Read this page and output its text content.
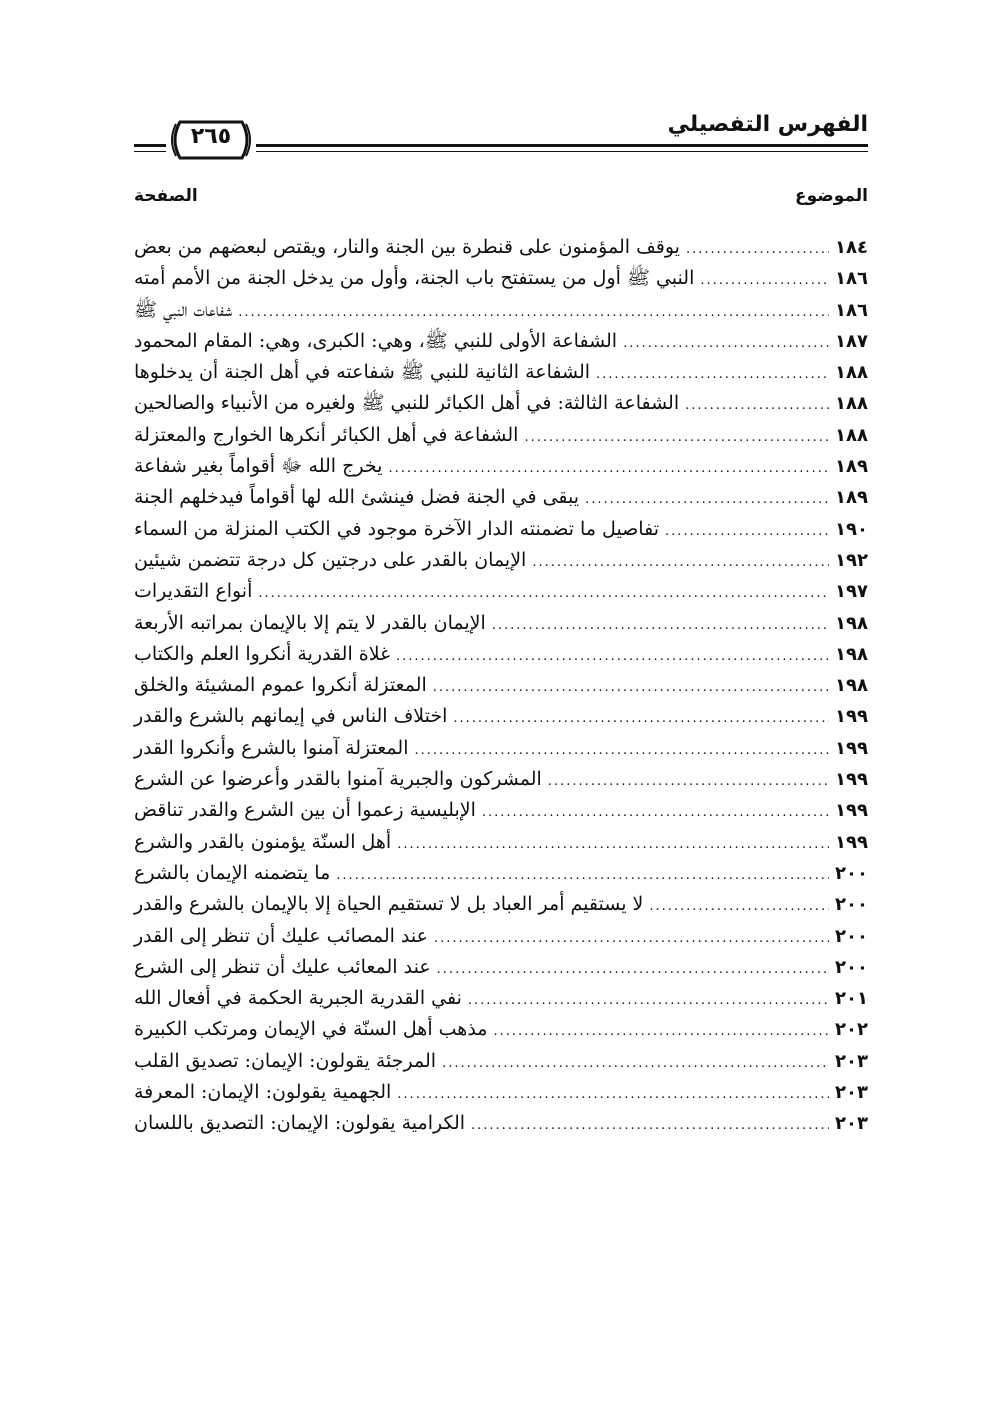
الفهرس التفصيلي
٢٦٥
الموضوع
الصفحة
يوقف المؤمنون على قنطرة بين الجنة والنار، ويقتص لبعضهم من بعض .....	١٨٤
النبي ﷺ أول من يستفتح باب الجنة، وأول من يدخل الجنة من الأمم أمته .....	١٨٦
شفاعات النبي ﷺ .....	١٨٦
الشفاعة الأولى للنبي ﷺ، وهي: الكبرى، وهي: المقام المحمود .....	١٨٧
الشفاعة الثانية للنبي ﷺ شفاعته في أهل الجنة أن يدخلوها .....	١٨٨
الشفاعة الثالثة: في أهل الكبائر للنبي ﷺ ولغيره من الأنبياء والصالحين .....	١٨٨
الشفاعة في أهل الكبائر أنكرها الخوارج والمعتزلة .....	١٨٨
يخرج الله ﷻ أقواماً بغير شفاعة .....	١٨٩
يبقى في الجنة فضل فينشئ الله لها أقواماً فيدخلهم الجنة .....	١٨٩
تفاصيل ما تضمنته الدار الآخرة موجود في الكتب المنزلة من السماء .....	١٩٠
الإيمان بالقدر على درجتين كل درجة تتضمن شيئين .....	١٩٢
أنواع التقديرات .....	١٩٧
الإيمان بالقدر لا يتم إلا بالإيمان بمراتبه الأربعة .....	١٩٨
غلاة القدرية أنكروا العلم والكتاب .....	١٩٨
المعتزلة أنكروا عموم المشيئة والخلق .....	١٩٨
اختلاف الناس في إيمانهم بالشرع والقدر .....	١٩٩
المعتزلة آمنوا بالشرع وأنكروا القدر .....	١٩٩
المشركون والجبرية آمنوا بالقدر وأعرضوا عن الشرع .....	١٩٩
الإبليسية زعموا أن بين الشرع والقدر تناقض .....	١٩٩
أهل السنّة يؤمنون بالقدر والشرع .....	١٩٩
ما يتضمنه الإيمان بالشرع .....	٢٠٠
لا يستقيم أمر العباد بل لا تستقيم الحياة إلا بالإيمان بالشرع والقدر .....	٢٠٠
عند المصائب عليك أن تنظر إلى القدر .....	٢٠٠
عند المعائب عليك أن تنظر إلى الشرع .....	٢٠٠
نفي القدرية الجبرية الحكمة في أفعال الله .....	٢٠١
مذهب أهل السنّة في الإيمان ومرتكب الكبيرة .....	٢٠٢
المرجئة يقولون: الإيمان: تصديق القلب .....	٢٠٣
الجهمية يقولون: الإيمان: المعرفة .....	٢٠٣
الكرامية يقولون: الإيمان: التصديق باللسان .....	٢٠٣
